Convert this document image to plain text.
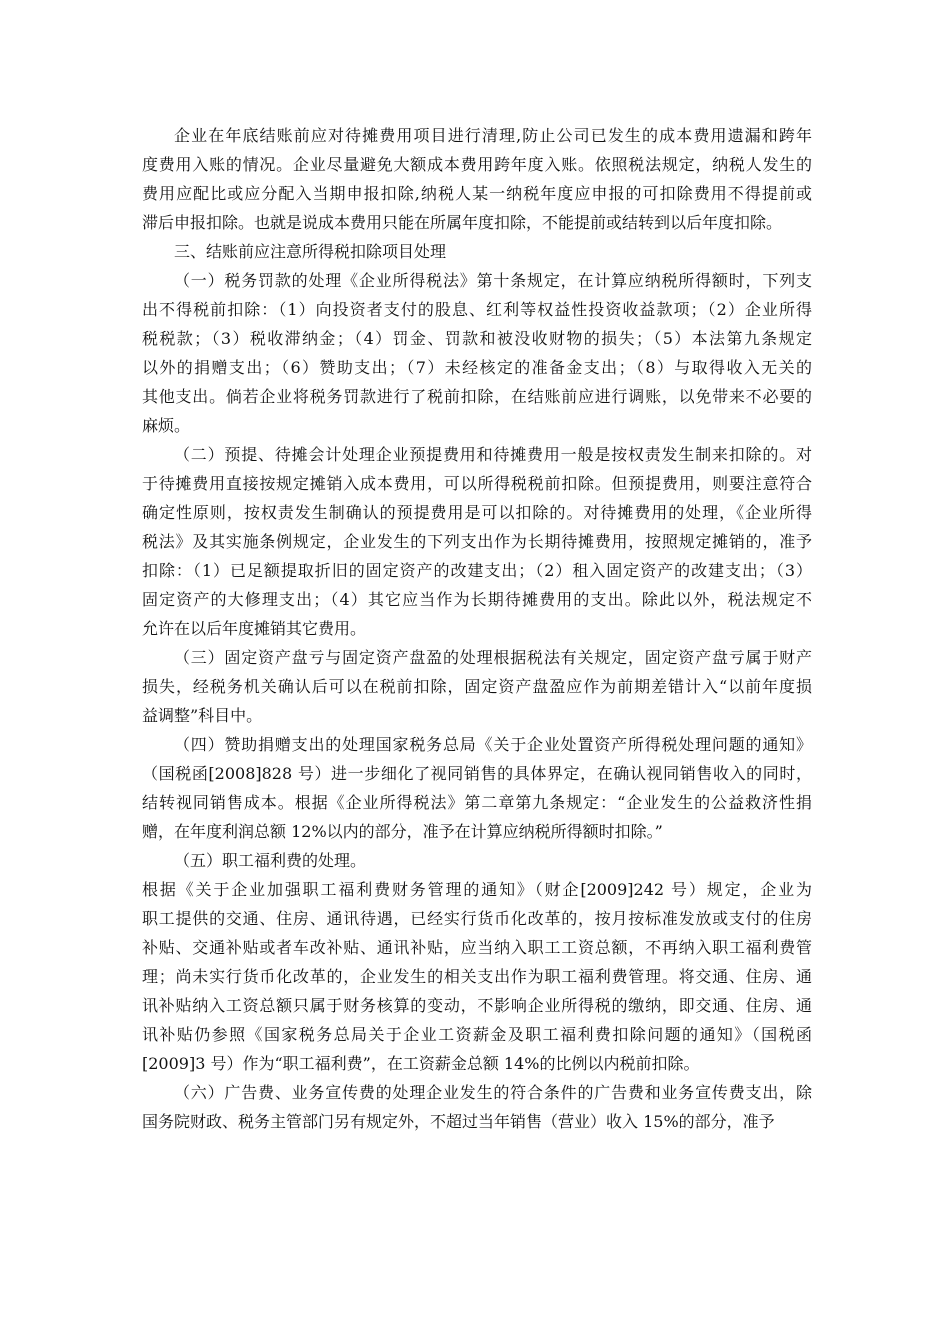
企业在年底结账前应对待摊费用项目进行清理,防止公司已发生的成本费用遗漏和跨年
度费用入账的情况。企业尽量避免大额成本费用跨年度入账。依照税法规定，纳税人发生的
费用应配比或应分配入当期申报扣除,纳税人某一纳税年度应申报的可扣除费用不得提前或
滞后申报扣除。也就是说成本费用只能在所属年度扣除，不能提前或结转到以后年度扣除。
三、结账前应注意所得税扣除项目处理
（一）税务罚款的处理《企业所得税法》第十条规定，在计算应纳税所得额时，下列支
出不得税前扣除：（1）向投资者支付的股息、红利等权益性投资收益款项；（2）企业所得
税税款；（3）税收滞纳金；（4）罚金、罚款和被没收财物的损失；（5）本法第九条规定
以外的捐赠支出；（6）赞助支出；（7）未经核定的准备金支出；（8）与取得收入无关的
其他支出。倘若企业将税务罚款进行了税前扣除，在结账前应进行调账，以免带来不必要的
麻烦。
（二）预提、待摊会计处理企业预提费用和待摊费用一般是按权责发生制来扣除的。对
于待摊费用直接按规定摊销入成本费用，可以所得税税前扣除。但预提费用，则要注意符合
确定性原则，按权责发生制确认的预提费用是可以扣除的。对待摊费用的处理，《企业所得
税法》及其实施条例规定，企业发生的下列支出作为长期待摊费用，按照规定摊销的，准予
扣除：（1）已足额提取折旧的固定资产的改建支出；（2）租入固定资产的改建支出；（3）
固定资产的大修理支出；（4）其它应当作为长期待摊费用的支出。除此以外，税法规定不
允许在以后年度摊销其它费用。
（三）固定资产盘亏与固定资产盘盈的处理根据税法有关规定，固定资产盘亏属于财产
损失，经税务机关确认后可以在税前扣除，固定资产盘盈应作为前期差错计入“以前年度损
益调整”科目中。
（四）赞助捐赠支出的处理国家税务总局《关于企业处置资产所得税处理问题的通知》
（国税函[2008]828 号）进一步细化了视同销售的具体界定，在确认视同销售收入的同时，
结转视同销售成本。根据《企业所得税法》第二章第九条规定：“企业发生的公益救济性捐
赠，在年度利润总额 12%以内的部分，准予在计算应纳税所得额时扣除。”
（五）职工福利费的处理。
根据《关于企业加强职工福利费财务管理的通知》（财企[2009]242 号）规定，企业为
职工提供的交通、住房、通讯待遇，已经实行货币化改革的，按月按标准发放或支付的住房
补贴、交通补贴或者车改补贴、通讯补贴，应当纳入职工工资总额，不再纳入职工福利费管
理；尚未实行货币化改革的，企业发生的相关支出作为职工福利费管理。将交通、住房、通
讯补贴纳入工资总额只属于财务核算的变动，不影响企业所得税的缴纳，即交通、住房、通
讯补贴仍参照《国家税务总局关于企业工资薪金及职工福利费扣除问题的通知》（国税函
[2009]3 号）作为“职工福利费”，在工资薪金总额 14%的比例以内税前扣除。
（六）广告费、业务宣传费的处理企业发生的符合条件的广告费和业务宣传费支出，除
国务院财政、税务主管部门另有规定外，不超过当年销售（营业）收入 15%的部分，准予
